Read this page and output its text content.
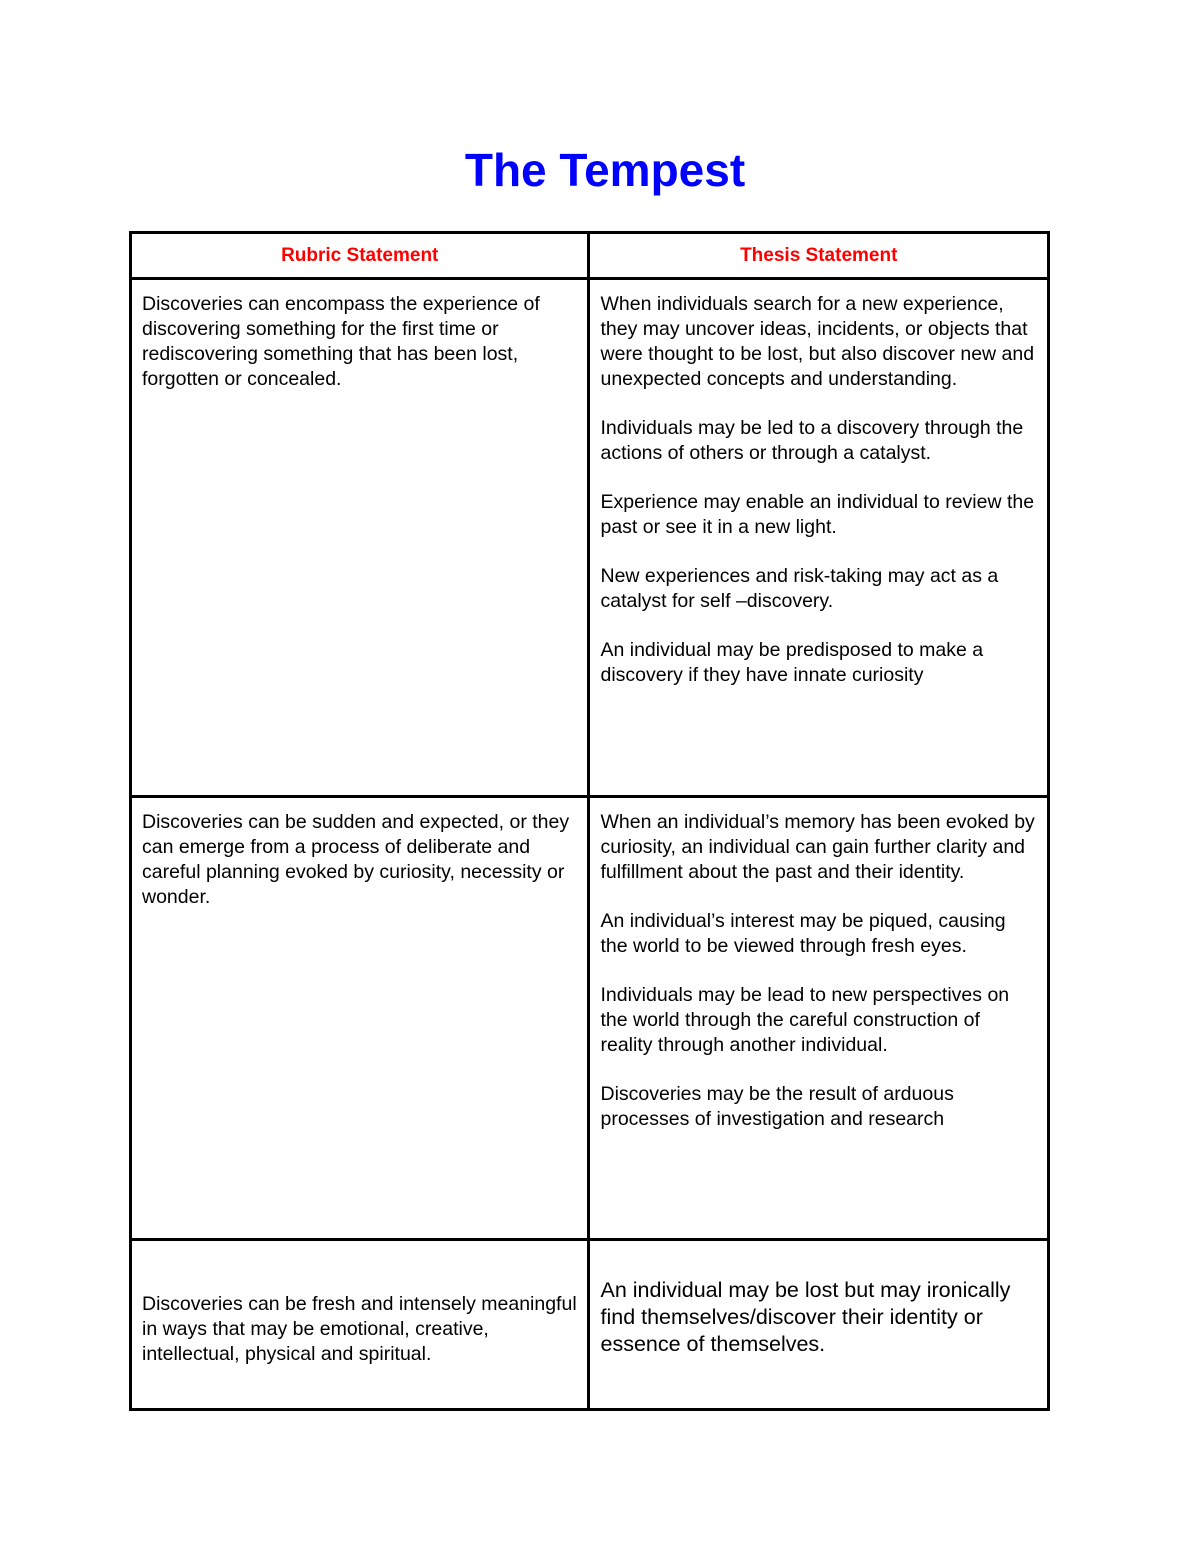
The Tempest
Rubric Statement	Thesis Statement

Discoveries can encompass the experience of discovering something for the first time or rediscovering something that has been lost, forgotten or concealed.	When individuals search for a new experience, they may uncover ideas, incidents, or objects that were thought to be lost, but also discover new and unexpected concepts and understanding.

Individuals may be led to a discovery through the actions of others or through a catalyst.

Experience may enable an individual to review the past or see it in a new light.

New experiences and risk-taking may act as a catalyst for self –discovery.

An individual may be predisposed to make a discovery if they have innate curiosity

Discoveries can be sudden and expected, or they can emerge from a process of deliberate and careful planning evoked by curiosity, necessity or wonder.	When an individual’s memory has been evoked by curiosity, an individual can gain further clarity and fulfillment about the past and their identity.

An individual’s interest may be piqued, causing the world to be viewed through fresh eyes.

Individuals may be lead to new perspectives on the world through the careful construction of reality through another individual.

Discoveries may be the result of arduous processes of investigation and research

Discoveries can be fresh and intensely meaningful in ways that may be emotional, creative, intellectual, physical and spiritual.	An individual may be lost but may ironically find themselves/discover their identity or essence of themselves.
